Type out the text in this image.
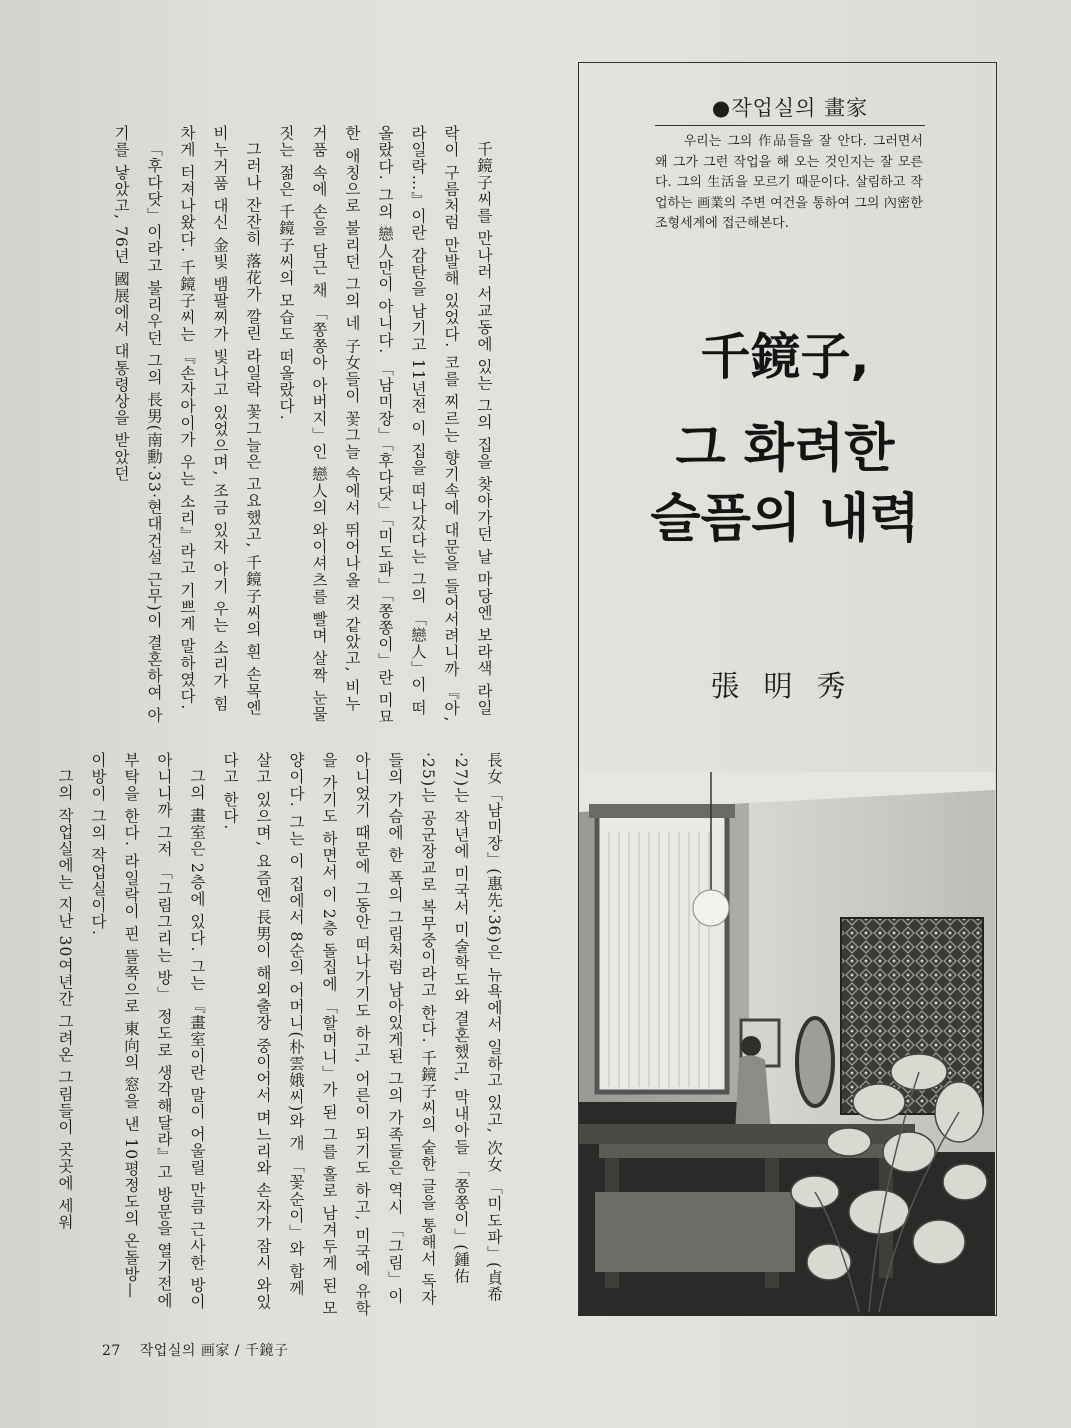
千鏡子씨를 만나러 서교동에 있는 그의 집을 찾아가던 날 마당엔 보라색 라일락이 구름처럼 만발해 있었다. 코를 찌르는 향기속에 대문을 들어서려니까 『아, 라일락…』이란 감탄을 남기고 11년전 이 집을 떠나갔다는 그의 「戀人」이 떠올랐다. 그의 戀人만이 아니다. 「남미장」「후다닷」「미도파」「쫑쫑이」란 미묘한 애칭으로 불리던 그의 네 子女들이 꽃그늘 속에서 뛰어나올 것 같았고, 비누거품 속에 손을 담근 채 「쫑쫑아 아버지」인 戀人의 와이셔츠를 빨며 살짝 눈물짓는 젊은 千鏡子씨의 모습도 떠올랐다.

그러나 잔잔히 落花가 깔린 라일락 꽃그늘은 고요했고, 千鏡子씨의 흰 손목엔 비누거품 대신 金빛 뱀팔찌가 빛나고 있었으며, 조금 있자 아기 우는 소리가 힘차게 터져나왔다. 千鏡子씨는 『손자아이가 우는 소리』라고 기쁘게 말하였다.

「후다닷」이라고 불리우던 그의 長男(南勳·33·현대건설 근무)이 결혼하여 아기를 낳았고, 76년 國展에서 대통령상을 받았던

長女「남미장」(惠先·36)은 뉴욕에서 일하고 있고, 次女 「미도파」(貞希·27)는 작년에 미국서 미술학도와 결혼했고, 막내아들 「쫑쫑이」(鍾佑·25)는 공군장교로 복무중이라고 한다. 千鏡子씨의 숱한 글을 통해서 독자들의 가슴에 한 폭의 그림처럼 남아있게된 그의 가족들은 역시 「그림」이 아니었기 때문에 그동안 떠나가기도 하고, 어른이 되기도 하고, 미국에 유학을 가기도 하면서 이 2층 돌집에 「할머니」가 된 그를 홀로 남겨두게 된 모양이다. 그는 이 집에서 8순의 어머니(朴雲娥씨)와 개 「꽃순이」와 함께 살고 있으며, 요즘엔 長男이 해외출장 중이어서 며느리와 손자가 잠시 와있다고 한다.

그의 畫室은 2층에 있다. 그는 『畫室이란 말이 어울릴 만큼 근사한 방이 아니니까 그저 「그림그리는 방」 정도로 생각해달라』고 방문을 열기전에 부탁을 한다. 라일락이 핀 뜰쪽으로 東向의 窓을 낸 10평정도의 온돌방— 이방이 그의 작업실이다.

그의 작업실에는 지난 30여년간 그려온 그림들이 곳곳에 세워

●작업실의 畫家

우리는 그의 作品들을 잘 안다. 그러면서 왜 그가 그런 작업을 해 오는 것인지는 잘 모른다. 그의 生活을 모르기 때문이다. 살림하고 작업하는 画業의 주변 여건을 통하여 그의 內密한 조형세계에 접근해본다.

千鏡子,
그 화려한
슬픔의 내력
張明秀
27 작업실의 画家 / 千鏡子
